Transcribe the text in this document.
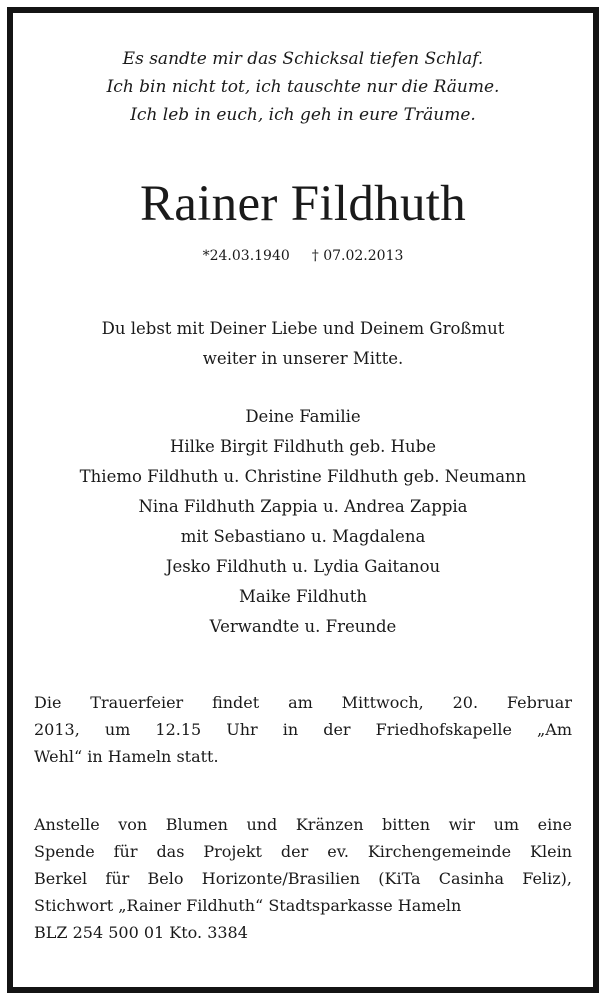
Es sandte mir das Schicksal tiefen Schlaf.
Ich bin nicht tot, ich tauschte nur die Räume.
Ich leb in euch, ich geh in eure Träume.
Rainer Fildhuth
*24.03.1940 † 07.02.2013
Du lebst mit Deiner Liebe und Deinem Großmut
weiter in unserer Mitte.
Deine Familie
Hilke Birgit Fildhuth geb. Hube
Thiemo Fildhuth u. Christine Fildhuth geb. Neumann
Nina Fildhuth Zappia u. Andrea Zappia
mit Sebastiano u. Magdalena
Jesko Fildhuth u. Lydia Gaitanou
Maike Fildhuth
Verwandte u. Freunde
Die Trauerfeier findet am Mittwoch, 20. Februar
2013, um 12.15 Uhr in der Friedhofskapelle „Am
Wehl“ in Hameln statt.
Anstelle von Blumen und Kränzen bitten wir um eine
Spende für das Projekt der ev. Kirchengemeinde Klein
Berkel für Belo Horizonte/Brasilien (KiTa Casinha Feliz),
Stichwort „Rainer Fildhuth“ Stadtsparkasse Hameln
BLZ 254 500 01 Kto. 3384
